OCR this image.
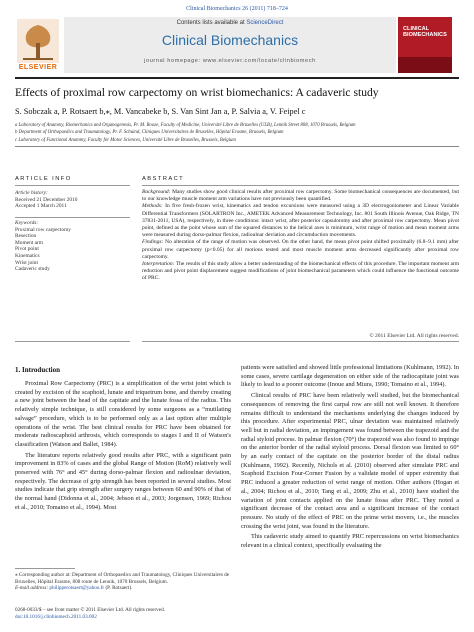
Clinical Biomechanics 26 (2011) 718–724
ELSEVIER
Contents lists available at ScienceDirect
Clinical Biomechanics
journal homepage: www.elsevier.com/locate/clinbiomech
CLINICAL
BIOMECHANICS
Effects of proximal row carpectomy on wrist biomechanics: A cadaveric study
S. Sobczak a, P. Rotsaert b,⁎, M. Vancabeke b, S. Van Sint Jan a, P. Salvia a, V. Feipel c
a Laboratory of Anatomy, Biomechanics and Organogenesis, Pr. M. Rooze, Faculty of Medicine, Université Libre de Bruxelles (ULB), Lennik Street 808, 1070 Brussels, Belgium
b Department of Orthopaedics and Traumatology, Pr. F. Schuind, Cliniques Universitaires de Bruxelles, Hôpital Erasme, Brussels, Belgium
c Laboratory of Functional Anatomy, Faculty for Motor Sciences, Université Libre de Bruxelles, Brussels, Belgium
ARTICLE INFO
Article history:
Received 21 December 2010
Accepted 1 March 2011
Keywords:
Proximal row carpectomy
Resection
Moment arm
Pivot point
Kinematics
Wrist joint
Cadaveric study
ABSTRACT
Background: Many studies show good clinical results after proximal row carpectomy. Some biomechanical consequences are documented, but to our knowledge muscle moment arm variations have not previously been quantified.
Methods: In five fresh-frozen wrist, kinematics and tendon excursions were measured using a 3D electrogoniometer and Linear Variable Differential Transformers (SOLARTRON Inc., AMETEK Advanced Measurement Technology, Inc. 801 South Illinois Avenue, Oak Ridge, TN 37831-2011, USA), respectively, in three conditions: intact wrist, after posterior capsulotomy and after proximal row carpectomy. Mean pivot point, defined as the point whose sum of the squared distances to the helical axes is minimum, wrist range of motion and mean moment arms were measured during dorso-palmar flexion, radioulnar deviation and circumduction movements.
Findings: No alteration of the range of motion was observed. On the other hand, the mean pivot point shifted proximally (6.8–9.1 mm) after proximal row carpectomy (p<0.05) for all motions tested and most muscle moment arms decreased significantly after proximal row carpectomy.
Interpretation: The results of this study allow a better understanding of the biomechanical effects of this procedure. The important moment arm reduction and pivot point displacement suggest modifications of joint biomechanical parameters which could influence the functional outcome of PRC.
© 2011 Elsevier Ltd. All rights reserved.
1. Introduction

Proximal Row Carpectomy (PRC) is a simplification of the wrist joint which is created by excision of the scaphoid, lunate and triquetrum bone, and thereby creating a new joint between the head of the capitate and the lunate fossa of the radius. This relatively simple technique, is still considered by some surgeons as a “mutilating salvage” procedure, which is to be performed only as a last option after multiple operations of the wrist. The best clinical results for PRC have been obtained for moderate radioscaphoid arthrosis, which corresponds to stages I and II of Watson's classification (Watson and Ballet, 1984).

The literature reports relatively good results after PRC, with a significant pain improvement in 83% of cases and the global Range of Motion (RoM) relatively well preserved with 76° and 45° during dorso-palmar flexion and radioulnar deviation, respectively. The decrease of grip strength has been reported in several studies. Most studies indicate that grip strength after surgery ranges between 60 and 90% of that of the normal hand (Didonna et al., 2004; Jebson et al., 2003; Jorgensen, 1969; Richou et al., 2010; Tomaino et al., 1994). Most

patients were satisfied and showed little professional limitations (Kuhlmann, 1992). In some cases, severe cartilage degeneration on either side of the radiocapitate joint was likely to lead to a poorer outcome (Inoue and Miura, 1990; Tomaino et al., 1994).

Clinical results of PRC have been relatively well studied, but the biomechanical consequences of removing the first carpal row are still not well known. It therefore remains difficult to understand the mechanisms underlying the changes induced by this procedure. After experimental PRC, ulnar deviation was maintained relatively well but in radial deviation, an impingement was found between the trapezoid and the radial styloid process. In palmar flexion (70°) the trapezoid was also found to impinge on the anterior border of the radial styloid process. Dorsal flexion was limited to 60° by an early contact of the capitate on the posterior border of the distal radius (Kuhlmann, 1992). Recently, Nichols et al. (2010) observed after simulate PRC and Scaphoid Excision Four-Corner Fusion by a validate model of upper extremity that PRC induced a greater reduction of wrist range of motion. Other authors (Hogan et al., 2004; Richou et al., 2010; Tang et al., 2009; Zhu et al., 2010) have studied the variation of joint contacts applied on the lunate fossa after PRC. They noted a significant decrease of the contact area and a significant increase of the contact pressure. No study of the effect of PRC on the prime wrist movers, i.e., the muscles crossing the wrist joint, was found in the literature.

This cadaveric study aimed to quantify PRC repercussions on wrist biomechanics relevant in a clinical context, specifically evaluating the

⁎ Corresponding author at: Department of Orthopaedics and Traumatology, Cliniques Universitaires de Bruxelles, Hôpital Erasme, 808 route de Lennik, 1070 Brussels, Belgium.
E-mail address: philipperotsaert@yahoo.fr (P. Rotsaert).
0268-0033/$ – see front matter © 2011 Elsevier Ltd. All rights reserved.
doi:10.1016/j.clinbiomech.2011.03.002
